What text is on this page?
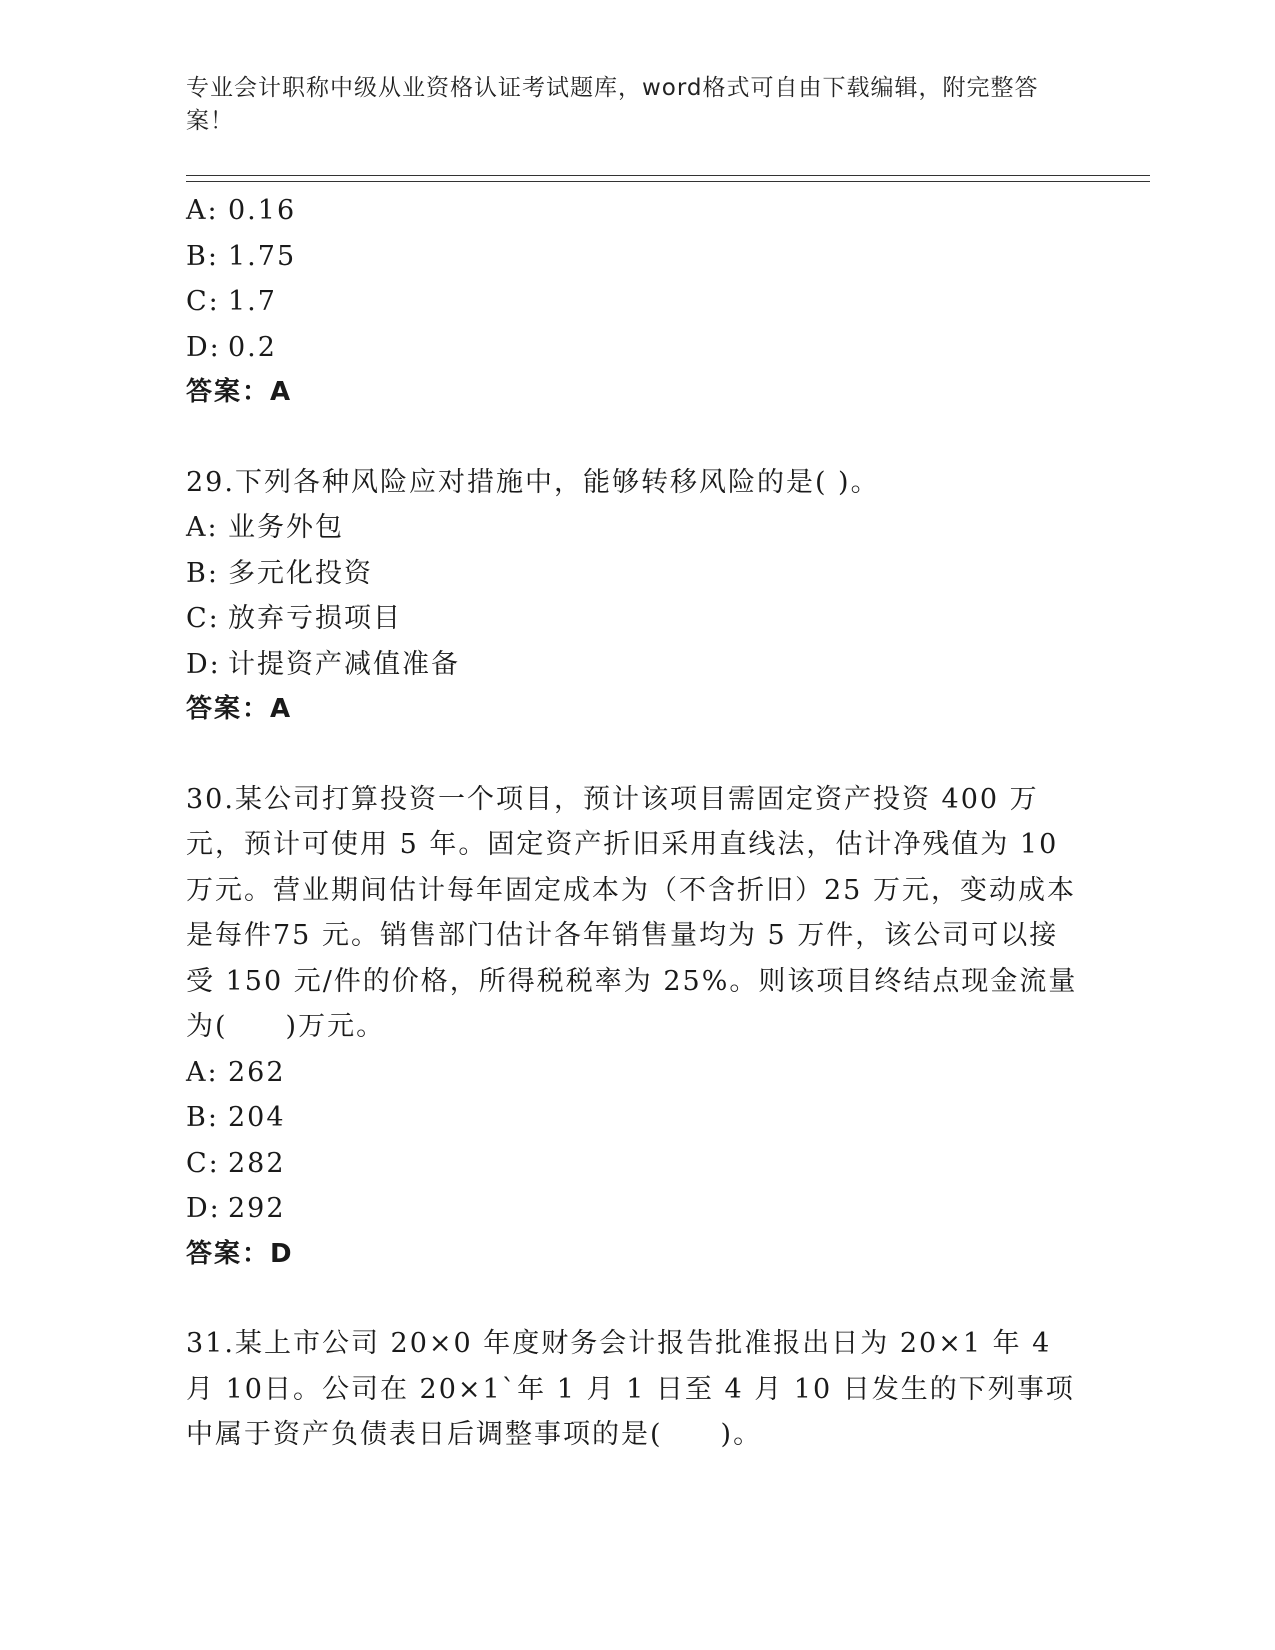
专业会计职称中级从业资格认证考试题库，word格式可自由下载编辑，附完整答案！
A: 0.16
B: 1.75
C: 1.7
D: 0.2
答案：A
29.下列各种风险应对措施中，能够转移风险的是( )。
A: 业务外包
B: 多元化投资
C: 放弃亏损项目
D: 计提资产减值准备
答案：A
30.某公司打算投资一个项目，预计该项目需固定资产投资 400 万元，预计可使用 5 年。固定资产折旧采用直线法，估计净残值为 10 万元。营业期间估计每年固定成本为（不含折旧）25 万元，变动成本是每件75 元。销售部门估计各年销售量均为 5 万件，该公司可以接受 150 元/件的价格，所得税税率为 25%。则该项目终结点现金流量为(　　)万元。
A: 262
B: 204
C: 282
D: 292
答案：D
31.某上市公司 20×0 年度财务会计报告批准报出日为 20×1 年 4 月 10日。公司在 20×1`年 1 月 1 日至 4 月 10 日发生的下列事项中属于资产负债表日后调整事项的是(　　)。
